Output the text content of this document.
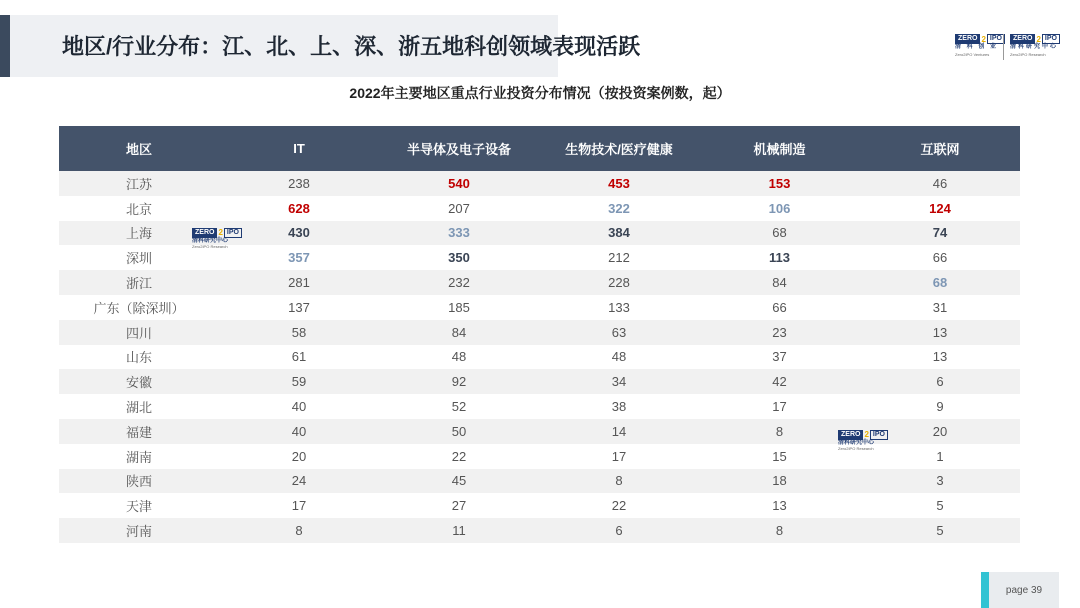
地区/行业分布：江、北、上、深、浙五地科创领域表现活跃	ZERO 2 IPO
清 科 创 业
Zero2IPO Ventures
ZERO 2 IPO
清科研究中心
Zero2IPO Research
2022年主要地区重点行业投资分布情况（按投资案例数，起）
地区	IT	半导体及电子设备	生物技术/医疗健康	机械制造	互联网
江苏	238	540	453	153	46
北京	628	207	322	106	124
上海	430	333	384	68	74
深圳	357	350	212	113	66
浙江	281	232	228	84	68
广东（除深圳）	137	185	133	66	31
四川	58	84	63	23	13
山东	61	48	48	37	13
安徽	59	92	34	42	6
湖北	40	52	38	17	9
福建	40	50	14	8	20
湖南	20	22	17	15	1
陕西	24	45	8	18	3
天津	17	27	22	13	5
河南	8	11	6	8	5
ZERO 2 IPO
清科研究中心
Zero2IPO Research
ZERO 2 IPO
清科研究中心
Zero2IPO Research
page 39
